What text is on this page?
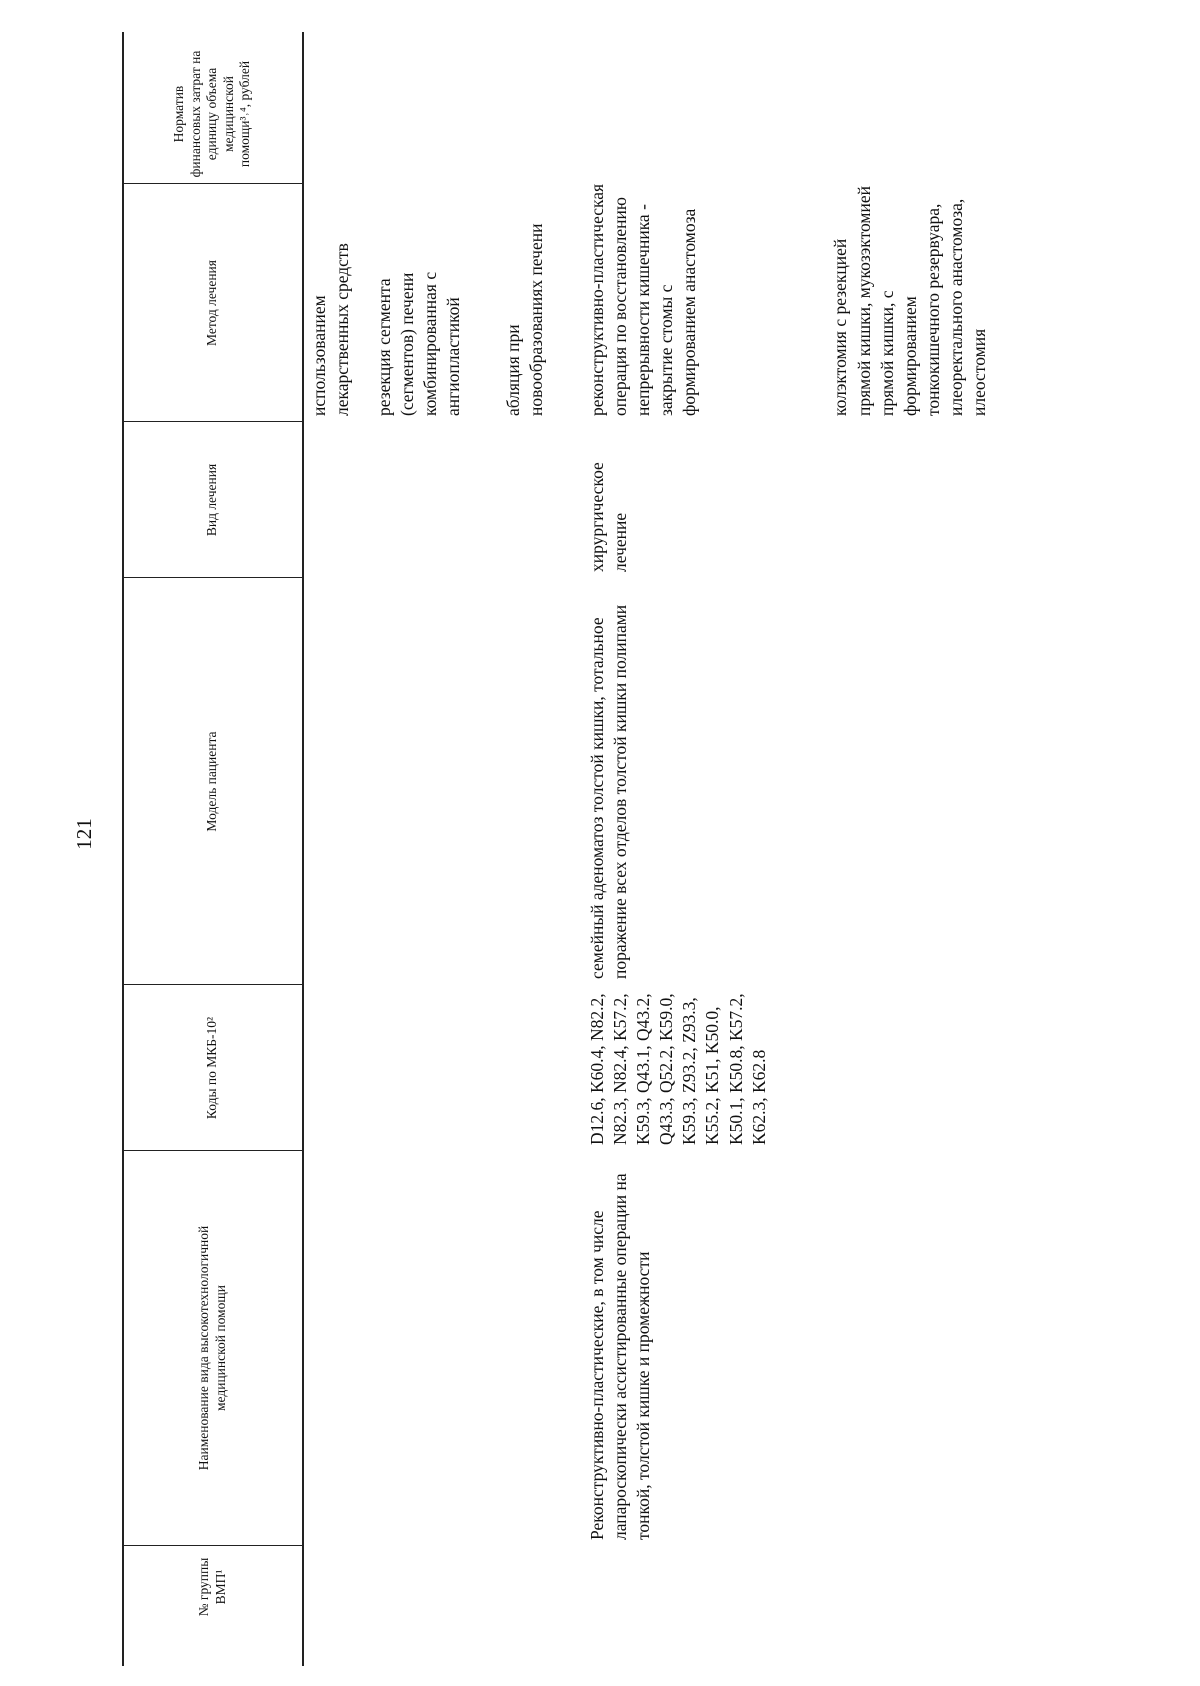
121
№ группы ВМП¹
Наименование вида высокотехнологичной медицинской помощи
Коды по МКБ-10²
Модель пациента
Вид лечения
Метод лечения
Норматив финансовых затрат на единицу объема медицинской помощи³˒⁴, рублей

использованием лекарственных средств резекция сегмента (сегментов) печени комбинированная с ангиопластикой абляция при новообразованиях печени

Реконструктивно-пластические, в том числе лапароскопически ассистированные операции на тонкой, толстой кишке и промежности
D12.6, K60.4, N82.2, N82.3, N82.4, K57.2, K59.3, Q43.1, Q43.2, Q43.3, Q52.2, K59.0, K59.3, Z93.2, Z93.3, K55.2, K51, K50.0, K50.1, K50.8, K57.2, K62.3, K62.8
семейный аденоматоз толстой кишки, тотальное поражение всех отделов толстой кишки полипами
хирургическое лечение

реконструктивно-пластическая операция по восстановлению непрерывности кишечника - закрытие стомы с формированием анастомоза	колэктомия с резекцией прямой кишки, мукозэктомией прямой кишки, с формированием тонкокишечного резервуара, илеоректального анастомоза, илеостомия
